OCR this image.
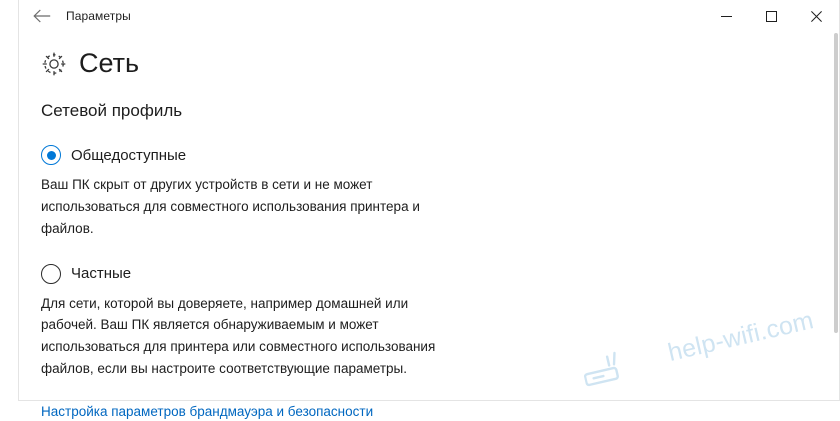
Параметры
Сеть
Сетевой профиль
Общедоступные
Ваш ПК скрыт от других устройств в сети и не может использоваться для совместного использования принтера и файлов.
Частные
Для сети, которой вы доверяете, например домашней или рабочей. Ваш ПК является обнаруживаемым и может использоваться для принтера или совместного использования файлов, если вы настроите соответствующие параметры.
Настройка параметров брандмауэра и безопасности
help-wifi.com
